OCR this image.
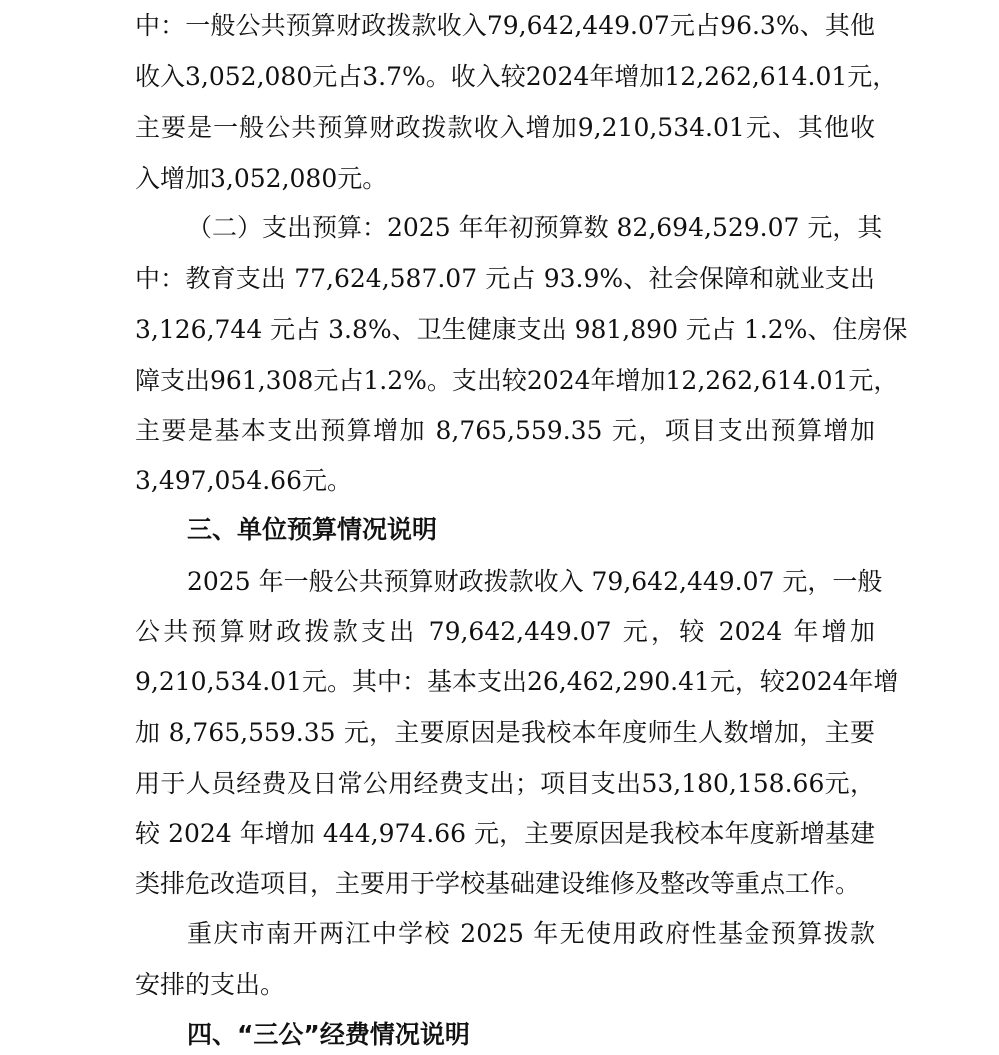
中：一般公共预算财政拨款收入79,642,449.07元占96.3%、其他
收入3,052,080元占3.7%。收入较2024年增加12,262,614.01元，
主要是一般公共预算财政拨款收入增加9,210,534.01元、其他收
入增加3,052,080元。
（二）支出预算：2025 年年初预算数 82,694,529.07 元，其
中：教育支出 77,624,587.07 元占 93.9%、社会保障和就业支出
3,126,744 元占 3.8%、卫生健康支出 981,890 元占 1.2%、住房保
障支出961,308元占1.2%。支出较2024年增加12,262,614.01元，
主要是基本支出预算增加 8,765,559.35 元，项目支出预算增加
3,497,054.66元。
三、单位预算情况说明
2025 年一般公共预算财政拨款收入 79,642,449.07 元，一般
公共预算财政拨款支出 79,642,449.07 元，较 2024 年增加
9,210,534.01元。其中：基本支出26,462,290.41元，较2024年增
加 8,765,559.35 元，主要原因是我校本年度师生人数增加，主要
用于人员经费及日常公用经费支出；项目支出53,180,158.66元，
较 2024 年增加 444,974.66 元，主要原因是我校本年度新增基建
类排危改造项目，主要用于学校基础建设维修及整改等重点工作。
重庆市南开两江中学校 2025 年无使用政府性基金预算拨款
安排的支出。
四、“三公”经费情况说明
